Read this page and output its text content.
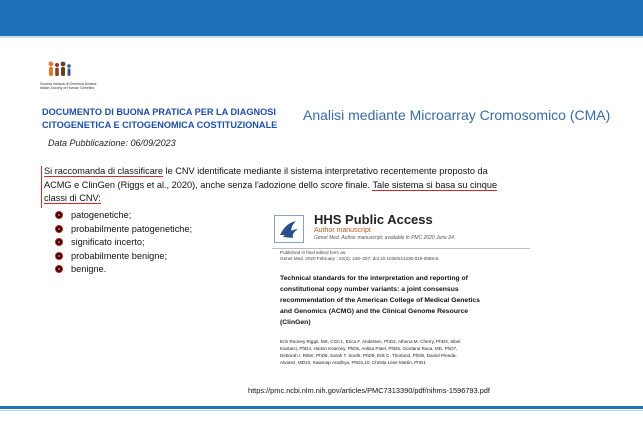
Società Italiana di Genetica Umana
Italian Society of Human Genetics
DOCUMENTO DI BUONA PRATICA PER LA DIAGNOSI
CITOGENETICA E CITOGENOMICA COSTITUZIONALE
Analisi mediante Microarray Cromosomico (CMA)
Data Pubblicazione: 06/09/2023
Si raccomanda di classificare le CNV identificate mediante il sistema interpretativo recentemente proposto da
ACMG e ClinGen (Riggs et al., 2020), anche senza l'adozione dello score finale. Tale sistema si basa su cinque
classi di CNV:
patogenetiche;
probabilmente patogenetiche;
significato incerto;
probabilmente benigne;
benigne.
HHS Public Access
Author manuscript
Genet Med. Author manuscript; available in PMC 2020 June 24.
Published in final edited form as:
Genet Med. 2020 February ; 22(2): 245–257. doi:10.1038/s41436-019-0686-8.
Technical standards for the interpretation and reporting of
constitutional copy number variants: a joint consensus
recommendation of the American College of Medical Genetics
and Genomics (ACMG) and the Clinical Genome Resource
(ClinGen)
Erin Rooney Riggs, MS, CGC1, Erica F. Andersen, PhD2, Athena M. Cherry, PhD3, Sibel
Kantarci, PhD4, Hutton Kearney, PhD5, Ankita Patel, PhD6, Gordana Raca, MD, PhD7,
Deborah I. Ritter, PhD8, Sarah T. South, PhD9, Erik C. Thorland, PhD5, Daniel Pineda-
Alvarez, MD10, Swaroop Aradhya, PhD3,10, Christa Lese Martin, PhD1
https://pmc.ncbi.nlm.nih.gov/articles/PMC7313390/pdf/nihms-1596793.pdf
